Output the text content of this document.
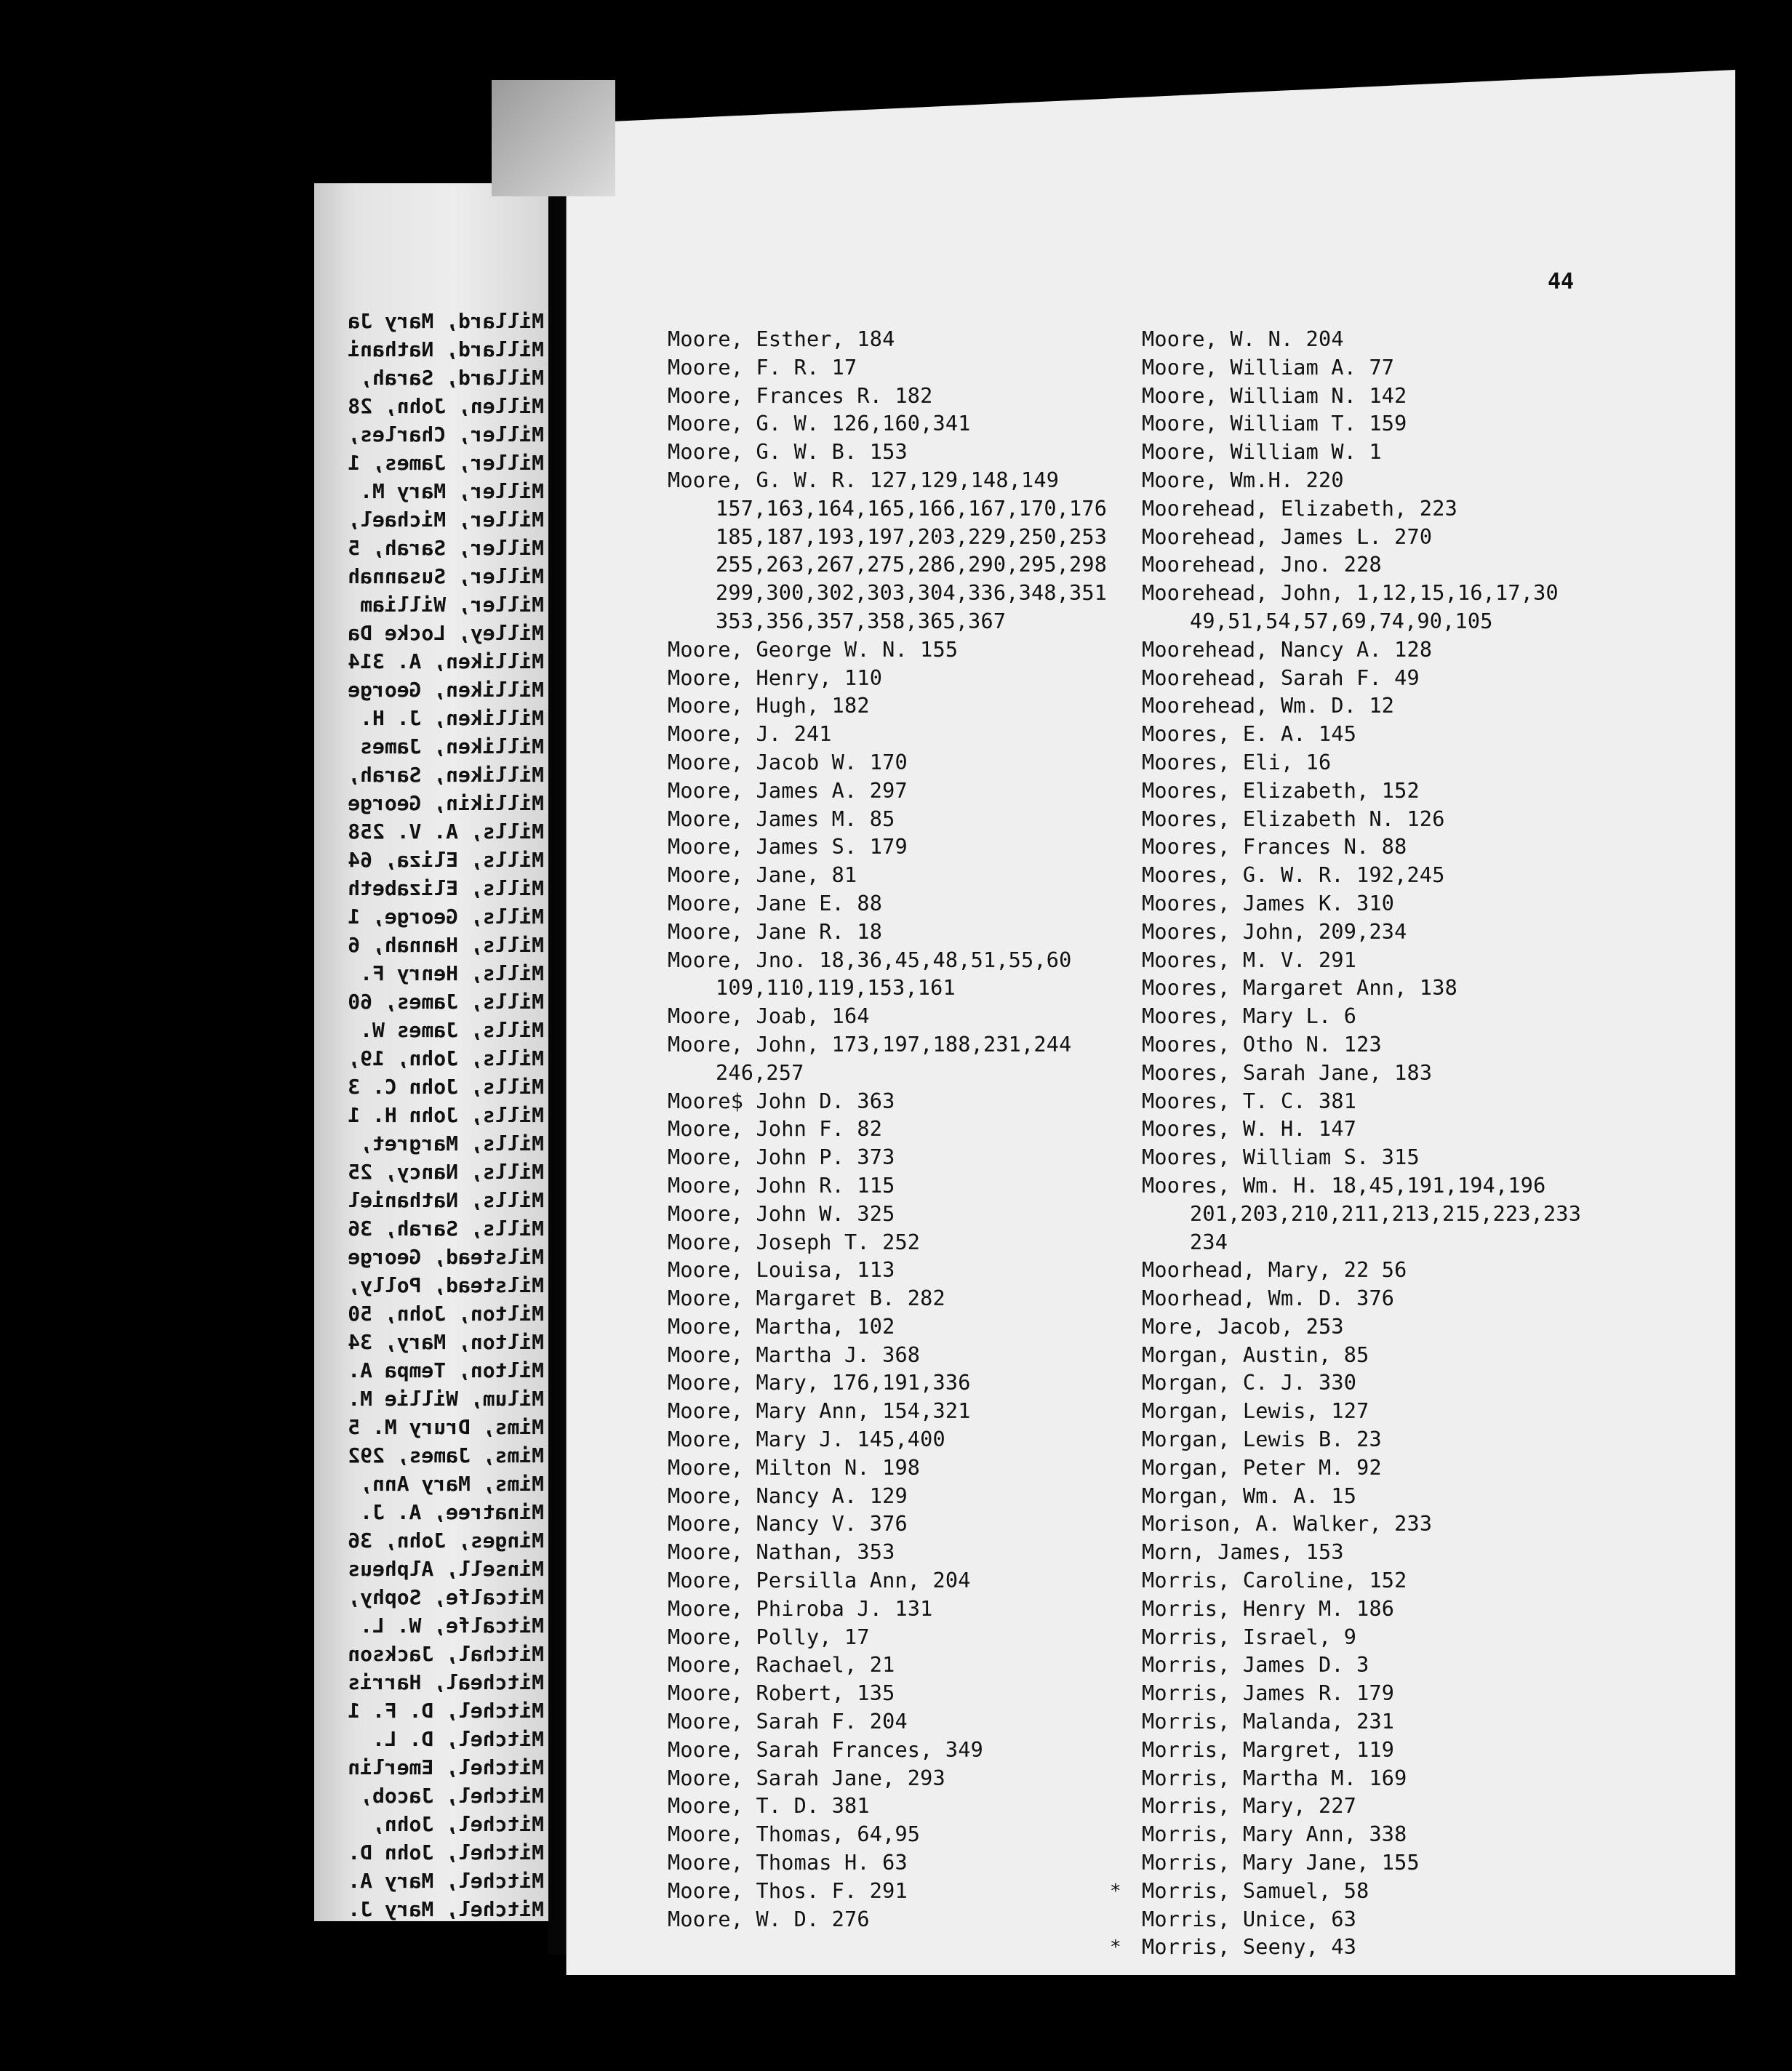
Millard, Mary Ja
Millard, Nathani
Millard, Sarah,
Millen, John, 28
Miller, Charles,
Miller, James, 1
Miller, Mary M.
Miller, Michael,
Miller, Sarah, 5
Miller, Susannah
Miller, William
Milley, Locke Da
Milliken, A. 314
Milliken, George
Milliken, J. H.
Milliken, James
Milliken, Sarah,
Millikin, George
Mills, A. V. 258
Mills, Eliza, 64
Mills, Elizabeth
Mills, George, 1
Mills, Hannah, 6
Mills, Henry F.
Mills, James, 60
Mills, James W.
Mills, John, 19,
Mills, John C. 3
Mills, John H. 1
Mills, Margret,
Mills, Nancy, 25
Mills, Nathaniel
Mills, Sarah, 36
Milstead, George
Milstead, Polly,
Milton, John, 50
Milton, Mary, 34
Milton, Tempa A.
Milum, Willie M.
Mims, Drury M. 5
Mims, James, 292
Mims, Mary Ann,
Minatree, A. J.
Minges, John, 36
Minsell, Alpheus
Mitcalfe, Sophy,
Mitcalfe, W. L.
Mitchal, Jackson
Mitcheal, Harris
Mitchel, D. F. 1
Mitchel, D. L.
Mitchel, Emerlin
Mitchel, Jacob,
Mitchel, John,
Mitchel, John D.
Mitchel, Mary A.
Mitchel, Mary J.
44
Moore, Esther, 184
Moore, F. R. 17
Moore, Frances R. 182
Moore, G. W. 126,160,341
Moore, G. W. B. 153
Moore, G. W. R. 127,129,148,149
157,163,164,165,166,167,170,176
185,187,193,197,203,229,250,253
255,263,267,275,286,290,295,298
299,300,302,303,304,336,348,351
353,356,357,358,365,367
Moore, George W. N. 155
Moore, Henry, 110
Moore, Hugh, 182
Moore, J. 241
Moore, Jacob W. 170
Moore, James A. 297
Moore, James M. 85
Moore, James S. 179
Moore, Jane, 81
Moore, Jane E. 88
Moore, Jane R. 18
Moore, Jno. 18,36,45,48,51,55,60
109,110,119,153,161
Moore, Joab, 164
Moore, John, 173,197,188,231,244
246,257
Moore$ John D. 363
Moore, John F. 82
Moore, John P. 373
Moore, John R. 115
Moore, John W. 325
Moore, Joseph T. 252
Moore, Louisa, 113
Moore, Margaret B. 282
Moore, Martha, 102
Moore, Martha J. 368
Moore, Mary, 176,191,336
Moore, Mary Ann, 154,321
Moore, Mary J. 145,400
Moore, Milton N. 198
Moore, Nancy A. 129
Moore, Nancy V. 376
Moore, Nathan, 353
Moore, Persilla Ann, 204
Moore, Phiroba J. 131
Moore, Polly, 17
Moore, Rachael, 21
Moore, Robert, 135
Moore, Sarah F. 204
Moore, Sarah Frances, 349
Moore, Sarah Jane, 293
Moore, T. D. 381
Moore, Thomas, 64,95
Moore, Thomas H. 63
Moore, Thos. F. 291
Moore, W. D. 276
Moore, W. N. 204
Moore, William A. 77
Moore, William N. 142
Moore, William T. 159
Moore, William W. 1
Moore, Wm.H. 220
Moorehead, Elizabeth, 223
Moorehead, James L. 270
Moorehead, Jno. 228
Moorehead, John, 1,12,15,16,17,30
49,51,54,57,69,74,90,105
Moorehead, Nancy A. 128
Moorehead, Sarah F. 49
Moorehead, Wm. D. 12
Moores, E. A. 145
Moores, Eli, 16
Moores, Elizabeth, 152
Moores, Elizabeth N. 126
Moores, Frances N. 88
Moores, G. W. R. 192,245
Moores, James K. 310
Moores, John, 209,234
Moores, M. V. 291
Moores, Margaret Ann, 138
Moores, Mary L. 6
Moores, Otho N. 123
Moores, Sarah Jane, 183
Moores, T. C. 381
Moores, W. H. 147
Moores, William S. 315
Moores, Wm. H. 18,45,191,194,196
201,203,210,211,213,215,223,233
234
Moorhead, Mary, 22 56
Moorhead, Wm. D. 376
More, Jacob, 253
Morgan, Austin, 85
Morgan, C. J. 330
Morgan, Lewis, 127
Morgan, Lewis B. 23
Morgan, Peter M. 92
Morgan, Wm. A. 15
Morison, A. Walker, 233
Morn, James, 153
Morris, Caroline, 152
Morris, Henry M. 186
Morris, Israel, 9
Morris, James D. 3
Morris, James R. 179
Morris, Malanda, 231
Morris, Margret, 119
Morris, Martha M. 169
Morris, Mary, 227
Morris, Mary Ann, 338
Morris, Mary Jane, 155
* Morris, Samuel, 58
Morris, Unice, 63
* Morris, Seeny, 43
